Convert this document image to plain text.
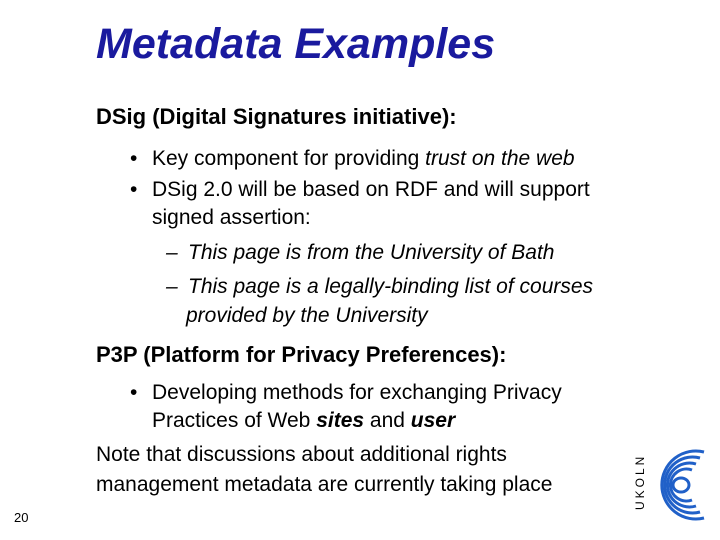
Metadata Examples
DSig (Digital Signatures initiative):
• Key component for providing trust on the web
• DSig 2.0 will be based on RDF and will support
signed assertion:
– This page is from the University of Bath
– This page is a legally-binding list of courses
provided by the University
P3P (Platform for Privacy Preferences):
• Developing methods for exchanging Privacy
Practices of Web sites and user
Note that discussions about additional rights
management metadata are currently taking place
20
UKOLN
